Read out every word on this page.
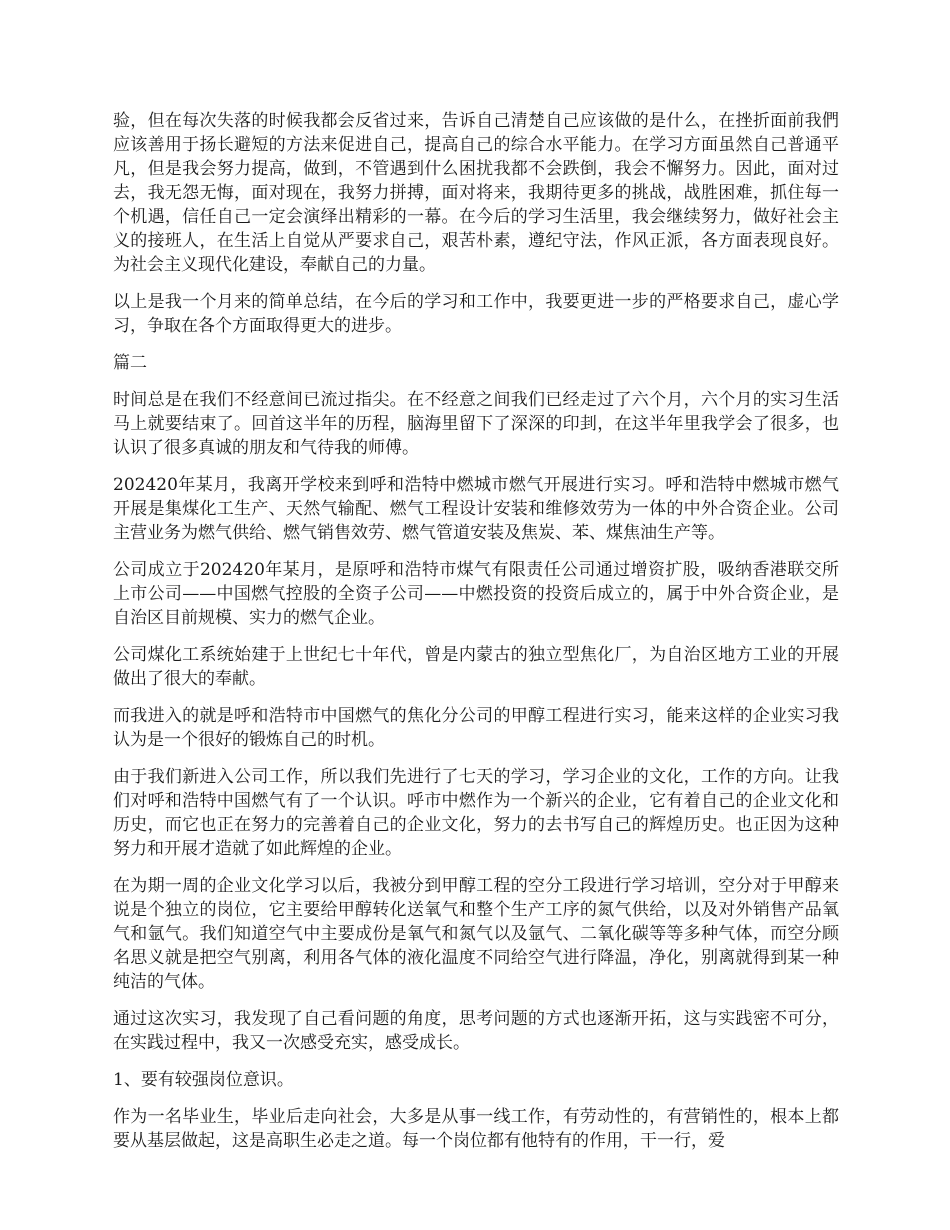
验，但在每次失落的时候我都会反省过来，告诉自己清楚自己应该做的是什么，在挫折面前我們应该善用于扬长避短的方法来促进自己，提高自己的综合水平能力。在学习方面虽然自己普通平凡，但是我会努力提高，做到，不管遇到什么困扰我都不会跌倒，我会不懈努力。因此，面对过去，我无怨无悔，面对现在，我努力拼搏，面对将来，我期待更多的挑战，战胜困难，抓住每一个机遇，信任自己一定会演绎出精彩的一幕。在今后的学习生活里，我会继续努力，做好社会主义的接班人，在生活上自觉从严要求自己，艰苦朴素，遵纪守法，作风正派，各方面表现良好。为社会主义现代化建设，奉献自己的力量。

以上是我一个月来的简单总结，在今后的学习和工作中，我要更进一步的严格要求自己，虚心学习，争取在各个方面取得更大的进步。

篇二

时间总是在我们不经意间已流过指尖。在不经意之间我们已经走过了六个月，六个月的实习生活马上就要结束了。回首这半年的历程，脑海里留下了深深的印刲，在这半年里我学会了很多，也认识了很多真诚的朋友和气待我的师傅。

202420年某月，我离开学校来到呼和浩特中燃城市燃气开展进行实习。呼和浩特中燃城市燃气开展是集煤化工生产、天然气输配、燃气工程设计安装和维修效劳为一体的中外合资企业。公司主营业务为燃气供给、燃气销售效劳、燃气管道安装及焦炭、苯、煤焦油生产等。

公司成立于202420年某月，是原呼和浩特市煤气有限责任公司通过增资扩股，吸纳香港联交所上市公司——中国燃气控股的全资子公司——中燃投资的投资后成立的，属于中外合资企业，是自治区目前规模、实力的燃气企业。

公司煤化工系统始建于上世纪七十年代，曾是内蒙古的独立型焦化厂，为自治区地方工业的开展做出了很大的奉献。

而我进入的就是呼和浩特市中国燃气的焦化分公司的甲醇工程进行实习，能来这样的企业实习我认为是一个很好的锻炼自己的时机。

由于我们新进入公司工作，所以我们先进行了七天的学习，学习企业的文化，工作的方向。让我们对呼和浩特中国燃气有了一个认识。呼市中燃作为一个新兴的企业，它有着自己的企业文化和历史，而它也正在努力的完善着自己的企业文化，努力的去书写自己的辉煌历史。也正因为这种努力和开展才造就了如此辉煌的企业。

在为期一周的企业文化学习以后，我被分到甲醇工程的空分工段进行学习培训，空分对于甲醇来说是个独立的岗位，它主要给甲醇转化送氧气和整个生产工序的氮气供给，以及对外销售产品氧气和氩气。我们知道空气中主要成份是氧气和氮气以及氩气、二氧化碳等等多种气体，而空分顾名思义就是把空气别离，利用各气体的液化温度不同给空气进行降温，净化，别离就得到某一种纯洁的气体。

通过这次实习，我发现了自己看问题的角度，思考问题的方式也逐渐开拓，这与实践密不可分，在实践过程中，我又一次感受充实，感受成长。

1、要有较强岗位意识。

作为一名毕业生，毕业后走向社会，大多是从事一线工作，有劳动性的，有营销性的，根本上都要从基层做起，这是高职生必走之道。每一个岗位都有他特有的作用，干一行，爱
